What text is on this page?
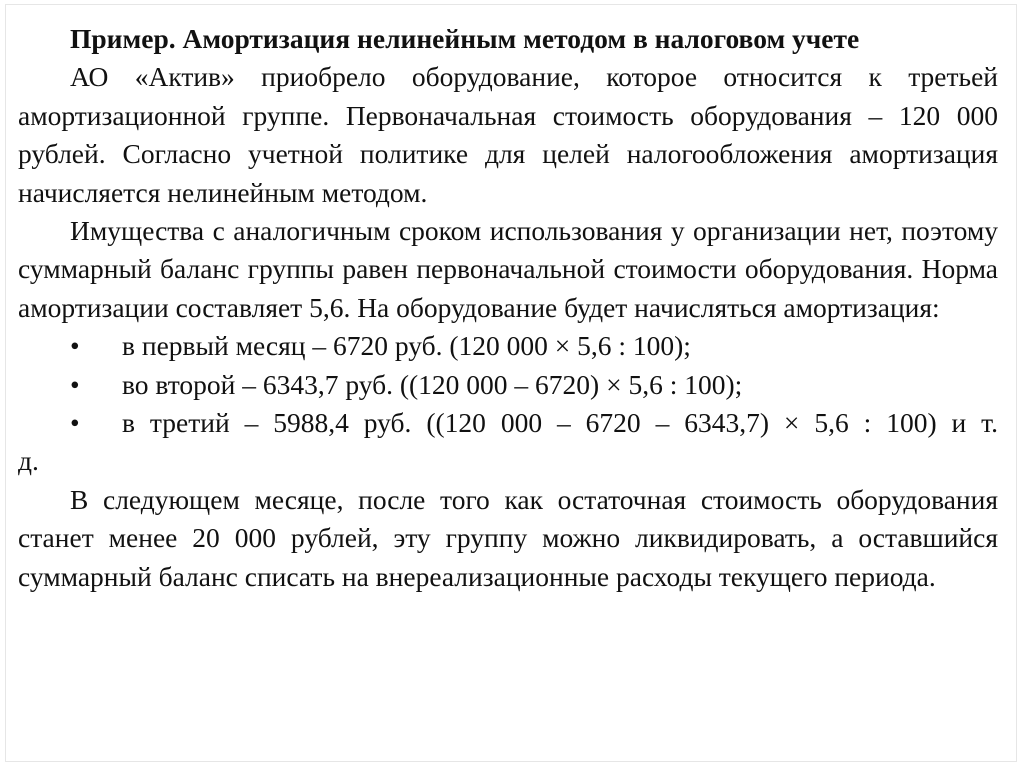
Пример. Амортизация нелинейным методом в налоговом учете

АО «Актив» приобрело оборудование, которое относится к третьей амортизационной группе. Первоначальная стоимость оборудования – 120 000 рублей. Согласно учетной политике для целей налогообложения амортизация начисляется нелинейным методом.

Имущества с аналогичным сроком использования у организации нет, поэтому суммарный баланс группы равен первоначальной стоимости оборудования. Норма амортизации составляет 5,6. На оборудование будет начисляться амортизация:

•	в первый месяц – 6720 руб. (120 000 × 5,6 : 100);
•	во второй – 6343,7 руб. ((120 000 – 6720) × 5,6 : 100);
•	в третий – 5988,4 руб. ((120 000 – 6720 – 6343,7) × 5,6 : 100) и т.

д.

В следующем месяце, после того как остаточная стоимость оборудования станет менее 20 000 рублей, эту группу можно ликвидировать, а оставшийся суммарный баланс списать на внереализационные расходы текущего периода.
